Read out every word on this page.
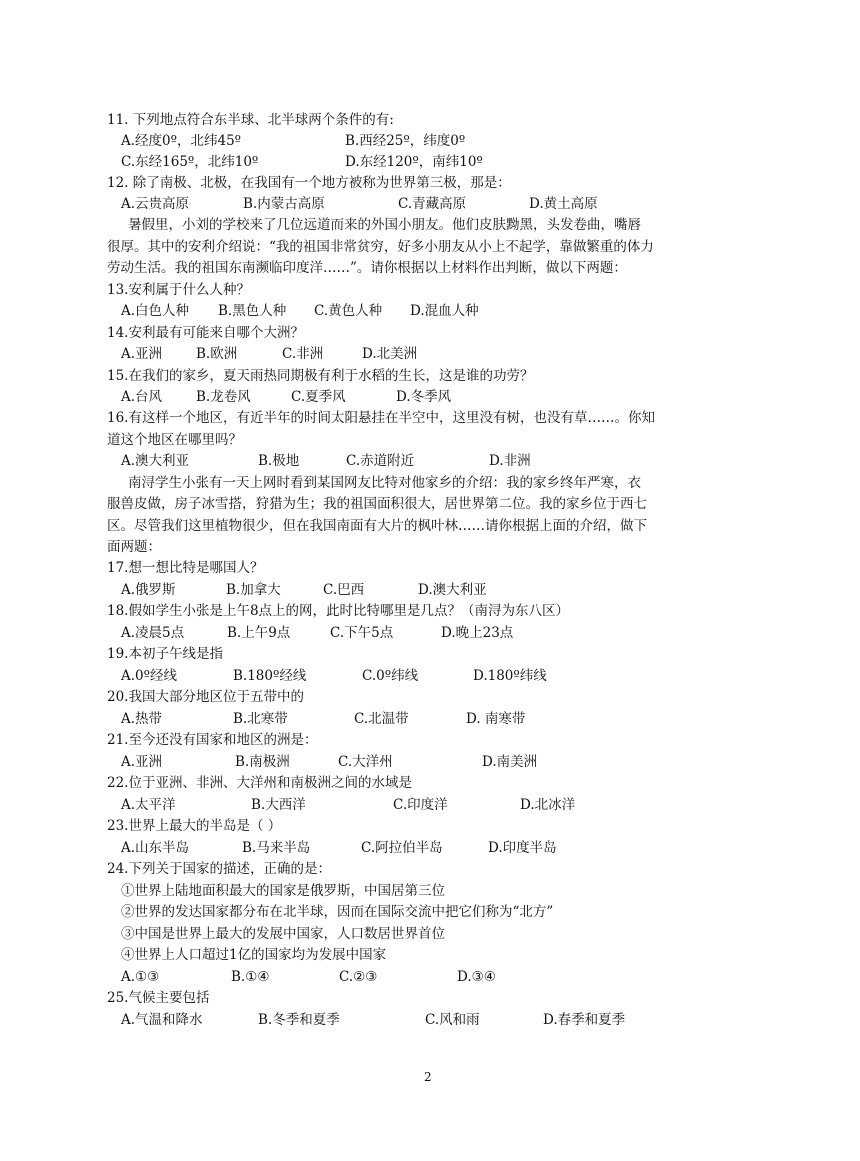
11. 下列地点符合东半球、北半球两个条件的有:
A.经度0º，北纬45º	B.西经25º，纬度0º
C.东经165º，北纬10º	D.东经120º，南纬10º
12. 除了南极、北极，在我国有一个地方被称为世界第三极，那是：
A.云贵高原	B.内蒙古高原	C.青藏高原	D.黄土高原
暑假里，小刘的学校来了几位远道而来的外国小朋友。他们皮肤黝黑，头发卷曲，嘴唇
很厚。其中的安利介绍说：“我的祖国非常贫穷，好多小朋友从小上不起学，靠做繁重的体力
劳动生活。我的祖国东南濒临印度洋……”。请你根据以上材料作出判断，做以下两题：
13.安利属于什么人种？
A.白色人种 B.黑色人种 C.黄色人种 D.混血人种
14.安利最有可能来自哪个大洲？
A.亚洲	B.欧洲	C.非洲	D.北美洲
15.在我们的家乡，夏天雨热同期极有利于水稻的生长，这是谁的功劳？
A.台风	B.龙卷风	C.夏季风	D.冬季风
16.有这样一个地区，有近半年的时间太阳悬挂在半空中，这里没有树，也没有草……。你知
道这个地区在哪里吗？
A.澳大利亚	B.极地	C.赤道附近	D.非洲
南浔学生小张有一天上网时看到某国网友比特对他家乡的介绍：我的家乡终年严寒，衣
服兽皮做，房子冰雪搭，狩猎为生；我的祖国面积很大，居世界第二位。我的家乡位于西七
区。尽管我们这里植物很少，但在我国南面有大片的枫叶林……请你根据上面的介绍，做下
面两题：
17.想一想比特是哪国人？
A.俄罗斯	B.加拿大	C.巴西	D.澳大利亚
18.假如学生小张是上午8点上的网，此时比特哪里是几点？（南浔为东八区）
A.凌晨5点	B.上午9点	C.下午5点	D.晚上23点
19.本初子午线是指
A.0º经线	B.180º经线	C.0º纬线	D.180º纬线
20.我国大部分地区位于五带中的
A.热带	B.北寒带	C.北温带	D. 南寒带
21.至今还没有国家和地区的洲是：
A.亚洲	B.南极洲	C.大洋州	D.南美洲
22.位于亚洲、非洲、大洋州和南极洲之间的水域是
A.太平洋	B.大西洋	C.印度洋	D.北冰洋
23.世界上最大的半岛是（ ）
A.山东半岛	B.马来半岛	C.阿拉伯半岛	D.印度半岛
24.下列关于国家的描述，正确的是：
①世界上陆地面积最大的国家是俄罗斯，中国居第三位
②世界的发达国家都分布在北半球，因而在国际交流中把它们称为“北方”
③中国是世界上最大的发展中国家，人口数居世界首位
④世界上人口超过1亿的国家均为发展中国家
A.①③	B.①④	C.②③	D.③④
25.气候主要包括
A.气温和降水	B.冬季和夏季	C.风和雨	D.春季和夏季
2
